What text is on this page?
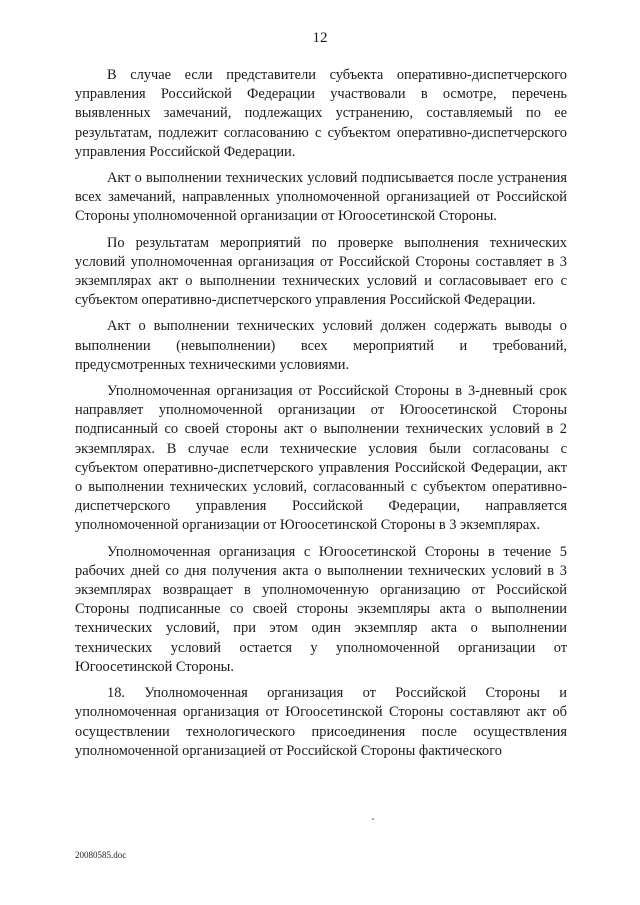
12

В случае если представители субъекта оперативно-диспетчерского управления Российской Федерации участвовали в осмотре, перечень выявленных замечаний, подлежащих устранению, составляемый по ее результатам, подлежит согласованию с субъектом оперативно-диспетчерского управления Российской Федерации.

Акт о выполнении технических условий подписывается после устранения всех замечаний, направленных уполномоченной организацией от Российской Стороны уполномоченной организации от Югоосетинской Стороны.

По результатам мероприятий по проверке выполнения технических условий уполномоченная организация от Российской Стороны составляет в 3 экземплярах акт о выполнении технических условий и согласовывает его с субъектом оперативно-диспетчерского управления Российской Федерации.

Акт о выполнении технических условий должен содержать выводы о выполнении (невыполнении) всех мероприятий и требований, предусмотренных техническими условиями.

Уполномоченная организация от Российской Стороны в 3-дневный срок направляет уполномоченной организации от Югоосетинской Стороны подписанный со своей стороны акт о выполнении технических условий в 2 экземплярах. В случае если технические условия были согласованы с субъектом оперативно-диспетчерского управления Российской Федерации, акт о выполнении технических условий, согласованный с субъектом оперативно-диспетчерского управления Российской Федерации, направляется уполномоченной организации от Югоосетинской Стороны в 3 экземплярах.

Уполномоченная организация с Югоосетинской Стороны в течение 5 рабочих дней со дня получения акта о выполнении технических условий в 3 экземплярах возвращает в уполномоченную организацию от Российской Стороны подписанные со своей стороны экземпляры акта о выполнении технических условий, при этом один экземпляр акта о выполнении технических условий остается у уполномоченной организации от Югоосетинской Стороны.

18. Уполномоченная организация от Российской Стороны и уполномоченная организация от Югоосетинской Стороны составляют акт об осуществлении технологического присоединения после осуществления уполномоченной организацией от Российской Стороны фактического

20080585.doc
